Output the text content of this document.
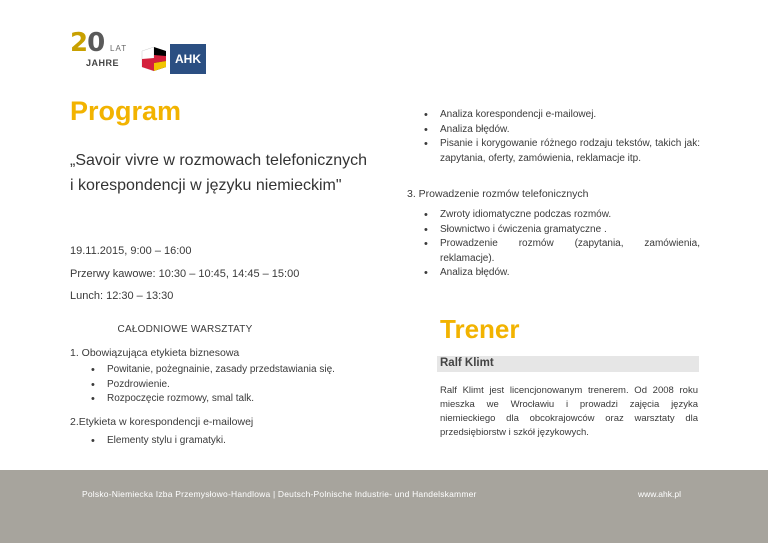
20 LAT
JAHRE	AHK
Program
„Savoir vivre w rozmowach telefonicznych i korespondencji w języku niemieckim"
19.11.2015, 9:00 – 16:00
Przerwy kawowe: 10:30 – 10:45, 14:45 – 15:00
Lunch: 12:30 – 13:30
CAŁODNIOWE WARSZTATY
1. Obowiązująca etykieta biznesowa
• Powitanie, pożegnainie, zasady przedstawiania się.
• Pozdrowienie.
• Rozpoczęcie rozmowy, smal talk.
2.Etykieta w korespondencji e-mailowej
• Elementy stylu i gramatyki.
• Analiza korespondencji e-mailowej.
• Analiza błędów.
• Pisanie i korygowanie różnego rodzaju tekstów, takich jak: zapytania, oferty, zamówienia, reklamacje itp.
3. Prowadzenie rozmów telefonicznych
• Zwroty idiomatyczne podczas rozmów.
• Słownictwo i ćwiczenia gramatyczne .
• Prowadzenie rozmów (zapytania, zamówienia, reklamacje).
• Analiza błędów.
Trener
Ralf Klimt
Ralf Klimt jest licencjonowanym trenerem. Od 2008 roku mieszka we Wrocławiu i prowadzi zajęcia języka niemieckiego dla obcokrajowców oraz warsztaty dla przedsiębiorstw i szkół językowych.
Polsko-Niemiecka Izba Przemysłowo-Handlowa | Deutsch-Polnische Industrie- und Handelskammer	www.ahk.pl
